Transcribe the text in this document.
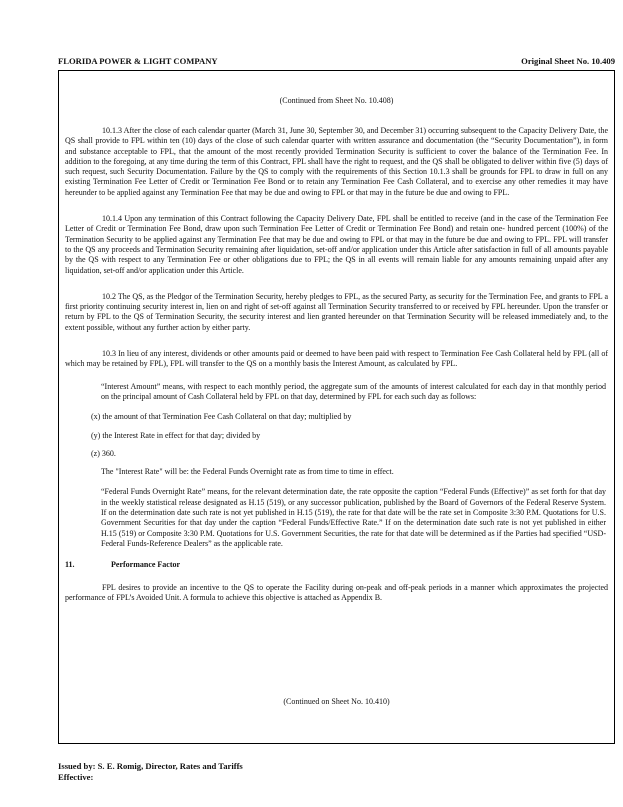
FLORIDA POWER & LIGHT COMPANY	Original Sheet No. 10.409
(Continued from Sheet No. 10.408)

10.1.3 After the close of each calendar quarter (March 31, June 30, September 30, and December 31) occurring subsequent to the Capacity Delivery Date, the QS shall provide to FPL within ten (10) days of the close of such calendar quarter with written assurance and documentation (the “Security Documentation”), in form and substance acceptable to FPL, that the amount of the most recently provided Termination Security is sufficient to cover the balance of the Termination Fee. In addition to the foregoing, at any time during the term of this Contract, FPL shall have the right to request, and the QS shall be obligated to deliver within five (5) days of such request, such Security Documentation. Failure by the QS to comply with the requirements of this Section 10.1.3 shall be grounds for FPL to draw in full on any existing Termination Fee Letter of Credit or Termination Fee Bond or to retain any Termination Fee Cash Collateral, and to exercise any other remedies it may have hereunder to be applied against any Termination Fee that may be due and owing to FPL or that may in the future be due and owing to FPL.

10.1.4 Upon any termination of this Contract following the Capacity Delivery Date, FPL shall be entitled to receive (and in the case of the Termination Fee Letter of Credit or Termination Fee Bond, draw upon such Termination Fee Letter of Credit or Termination Fee Bond) and retain one- hundred percent (100%) of the Termination Security to be applied against any Termination Fee that may be due and owing to FPL or that may in the future be due and owing to FPL. FPL will transfer to the QS any proceeds and Termination Security remaining after liquidation, set-off and/or application under this Article after satisfaction in full of all amounts payable by the QS with respect to any Termination Fee or other obligations due to FPL; the QS in all events will remain liable for any amounts remaining unpaid after any liquidation, set-off and/or application under this Article.

10.2 The QS, as the Pledgor of the Termination Security, hereby pledges to FPL, as the secured Party, as security for the Termination Fee, and grants to FPL a first priority continuing security interest in, lien on and right of set-off against all Termination Security transferred to or received by FPL hereunder. Upon the transfer or return by FPL to the QS of Termination Security, the security interest and lien granted hereunder on that Termination Security will be released immediately and, to the extent possible, without any further action by either party.

10.3 In lieu of any interest, dividends or other amounts paid or deemed to have been paid with respect to Termination Fee Cash Collateral held by FPL (all of which may be retained by FPL), FPL will transfer to the QS on a monthly basis the Interest Amount, as calculated by FPL.

“Interest Amount” means, with respect to each monthly period, the aggregate sum of the amounts of interest calculated for each day in that monthly period on the principal amount of Cash Collateral held by FPL on that day, determined by FPL for each such day as follows:

(x) the amount of that Termination Fee Cash Collateral on that day; multiplied by

(y) the Interest Rate in effect for that day; divided by

(z) 360.

The "Interest Rate" will be: the Federal Funds Overnight rate as from time to time in effect.

“Federal Funds Overnight Rate” means, for the relevant determination date, the rate opposite the caption “Federal Funds (Effective)” as set forth for that day in the weekly statistical release designated as H.15 (519), or any successor publication, published by the Board of Governors of the Federal Reserve System. If on the determination date such rate is not yet published in H.15 (519), the rate for that date will be the rate set in Composite 3:30 P.M. Quotations for U.S. Government Securities for that day under the caption “Federal Funds/Effective Rate.” If on the determination date such rate is not yet published in either H.15 (519) or Composite 3:30 P.M. Quotations for U.S. Government Securities, the rate for that date will be determined as if the Parties had specified “USD-Federal Funds-Reference Dealers” as the applicable rate.

11.	Performance Factor

FPL desires to provide an incentive to the QS to operate the Facility during on-peak and off-peak periods in a manner which approximates the projected performance of FPL’s Avoided Unit. A formula to achieve this objective is attached as Appendix B.

(Continued on Sheet No. 10.410)
Issued by: S. E. Romig, Director, Rates and Tariffs
Effective:
